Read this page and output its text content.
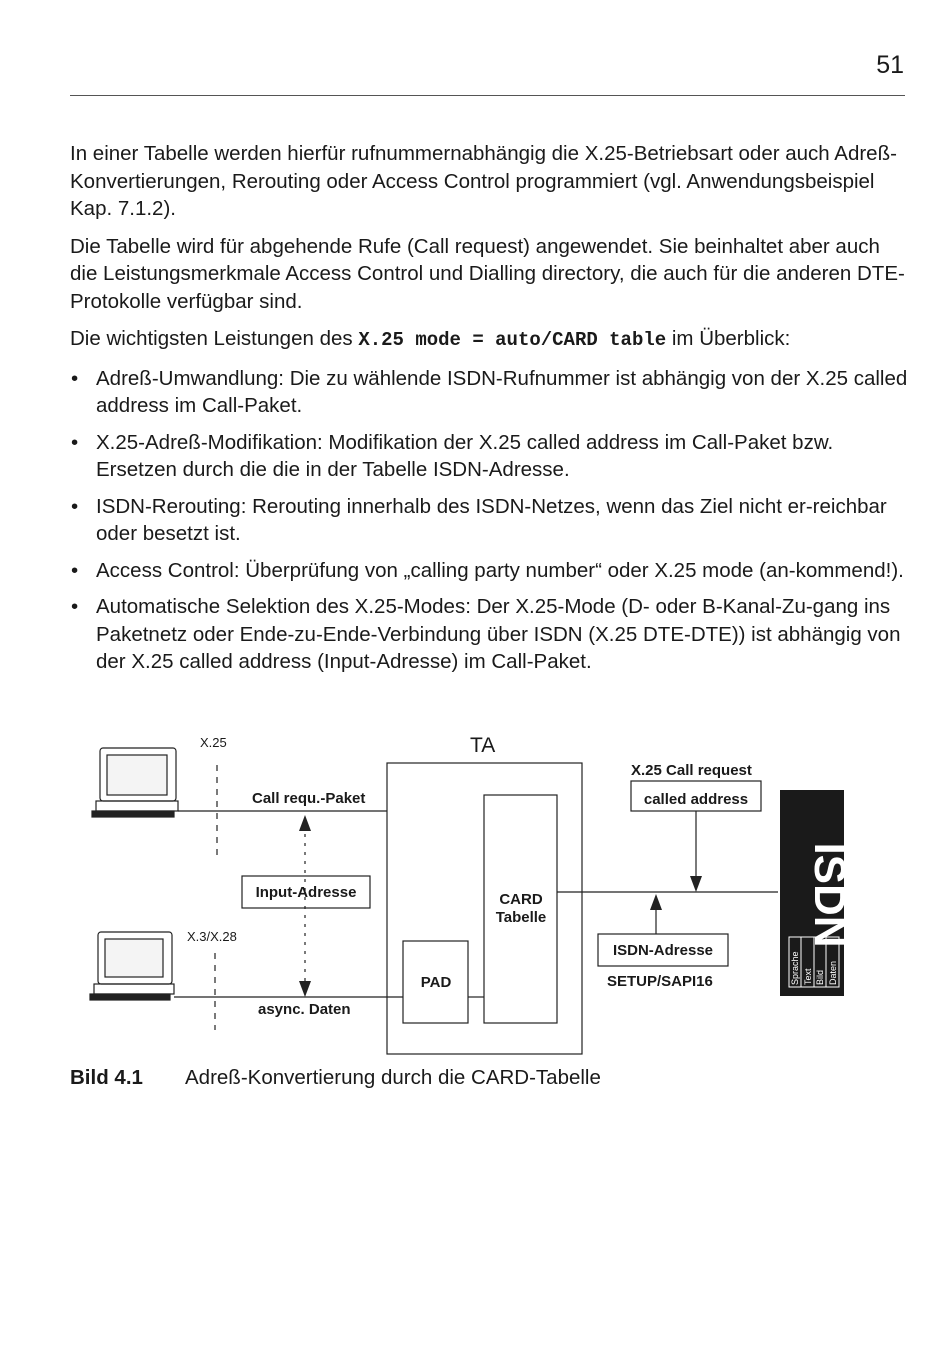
51

In einer Tabelle werden hierfür rufnummernabhängig die X.25-Betriebsart oder auch Adreß-Konvertierungen, Rerouting oder Access Control programmiert (vgl. Anwendungsbeispiel Kap. 7.1.2).

Die Tabelle wird für abgehende Rufe (Call request) angewendet. Sie beinhaltet aber auch die Leistungsmerkmale Access Control und Dialling directory, die auch für die anderen DTE-Protokolle verfügbar sind.

Die wichtigsten Leistungen des X.25 mode = auto/CARD table im Überblick:

• Adreß-Umwandlung: Die zu wählende ISDN-Rufnummer ist abhängig von der X.25 called address im Call-Paket.
• X.25-Adreß-Modifikation: Modifikation der X.25 called address im Call-Paket bzw. Ersetzen durch die die in der Tabelle ISDN-Adresse.
• ISDN-Rerouting: Rerouting innerhalb des ISDN-Netzes, wenn das Ziel nicht er-reichbar oder besetzt ist.
• Access Control: Überprüfung von „calling party number“ oder X.25 mode (an-kommend!).
• Automatische Selektion des X.25-Modes: Der X.25-Mode (D- oder B-Kanal-Zu-gang ins Paketnetz oder Ende-zu-Ende-Verbindung über ISDN (X.25 DTE-DTE)) ist abhängig von der X.25 called address (Input-Adresse) im Call-Paket.
ISDN
Sprache Text Bild Daten
X.25
X.3/X.28
TA
Call requ.-Paket
Input-Adresse
async. Daten
CARD
Tabelle
PAD
X.25 Call request
called address
ISDN-Adresse
SETUP/SAPI16
Bild 4.1 Adreß-Konvertierung durch die CARD-Tabelle
